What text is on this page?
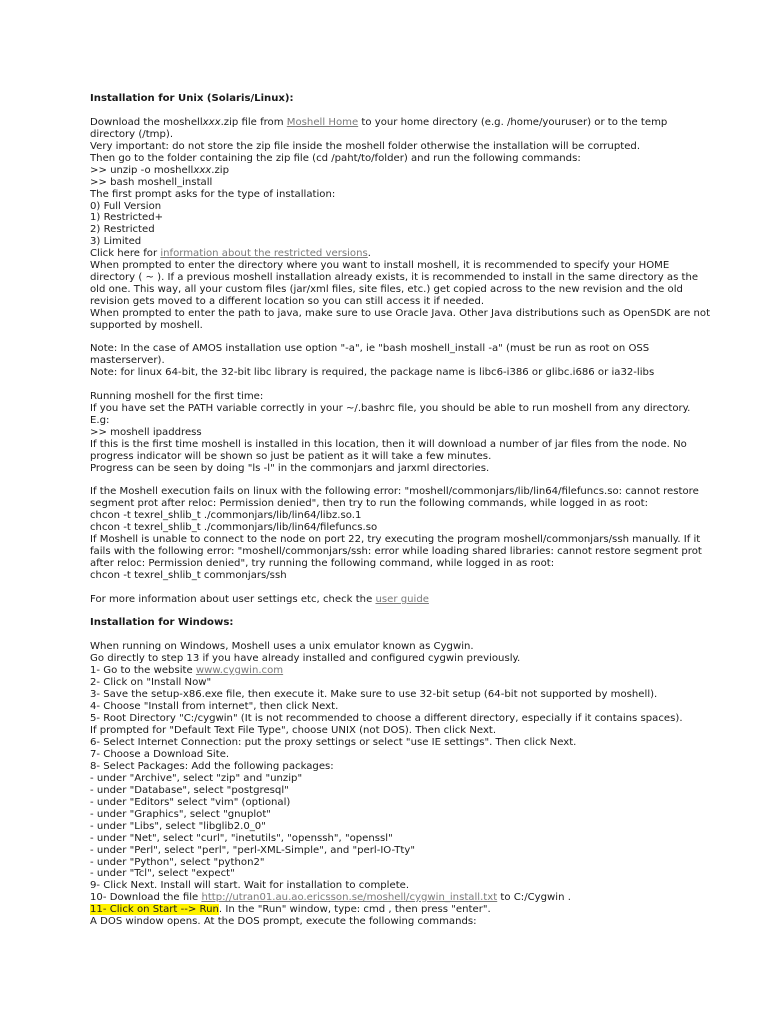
Installation for Unix (Solaris/Linux):
Download the moshellxxx.zip file from Moshell Home to your home directory (e.g. /home/youruser) or to the temp
directory (/tmp).
Very important: do not store the zip file inside the moshell folder otherwise the installation will be corrupted.
Then go to the folder containing the zip file (cd /paht/to/folder) and run the following commands:
>> unzip -o moshellxxx.zip
>> bash moshell_install
The first prompt asks for the type of installation:
0) Full Version
1) Restricted+
2) Restricted
3) Limited
Click here for information about the restricted versions.
When prompted to enter the directory where you want to install moshell, it is recommended to specify your HOME
directory ( ~ ). If a previous moshell installation already exists, it is recommended to install in the same directory as the
old one. This way, all your custom files (jar/xml files, site files, etc.) get copied across to the new revision and the old
revision gets moved to a different location so you can still access it if needed.
When prompted to enter the path to java, make sure to use Oracle Java. Other Java distributions such as OpenSDK are not
supported by moshell.
Note: In the case of AMOS installation use option "-a", ie "bash moshell_install -a" (must be run as root on OSS
masterserver).
Note: for linux 64-bit, the 32-bit libc library is required, the package name is libc6-i386 or glibc.i686 or ia32-libs
Running moshell for the first time:
If you have set the PATH variable correctly in your ~/.bashrc file, you should be able to run moshell from any directory.
E.g:
>> moshell ipaddress
If this is the first time moshell is installed in this location, then it will download a number of jar files from the node. No
progress indicator will be shown so just be patient as it will take a few minutes.
Progress can be seen by doing "ls -l" in the commonjars and jarxml directories.
If the Moshell execution fails on linux with the following error: "moshell/commonjars/lib/lin64/filefuncs.so: cannot restore
segment prot after reloc: Permission denied", then try to run the following commands, while logged in as root:
chcon -t texrel_shlib_t ./commonjars/lib/lin64/libz.so.1
chcon -t texrel_shlib_t ./commonjars/lib/lin64/filefuncs.so
If Moshell is unable to connect to the node on port 22, try executing the program moshell/commonjars/ssh manually. If it
fails with the following error: "moshell/commonjars/ssh: error while loading shared libraries: cannot restore segment prot
after reloc: Permission denied", try running the following command, while logged in as root:
chcon -t texrel_shlib_t commonjars/ssh
For more information about user settings etc, check the user guide
Installation for Windows:
When running on Windows, Moshell uses a unix emulator known as Cygwin.
Go directly to step 13 if you have already installed and configured cygwin previously.
1- Go to the website www.cygwin.com
2- Click on "Install Now"
3- Save the setup-x86.exe file, then execute it. Make sure to use 32-bit setup (64-bit not supported by moshell).
4- Choose "Install from internet", then click Next.
5- Root Directory "C:/cygwin" (It is not recommended to choose a different directory, especially if it contains spaces).
If prompted for "Default Text File Type", choose UNIX (not DOS). Then click Next.
6- Select Internet Connection: put the proxy settings or select "use IE settings". Then click Next.
7- Choose a Download Site.
8- Select Packages: Add the following packages:
- under "Archive", select "zip" and "unzip"
- under "Database", select "postgresql"
- under "Editors" select "vim" (optional)
- under "Graphics", select "gnuplot"
- under "Libs", select "libglib2.0_0"
- under "Net", select "curl", "inetutils", "openssh", "openssl"
- under "Perl", select "perl", "perl-XML-Simple", and "perl-IO-Tty"
- under "Python", select "python2"
- under "Tcl", select "expect"
9- Click Next. Install will start. Wait for installation to complete.
10- Download the file http://utran01.au.ao.ericsson.se/moshell/cygwin_install.txt to C:/Cygwin .
11- Click on Start --> Run. In the "Run" window, type: cmd , then press "enter".
A DOS window opens. At the DOS prompt, execute the following commands:
